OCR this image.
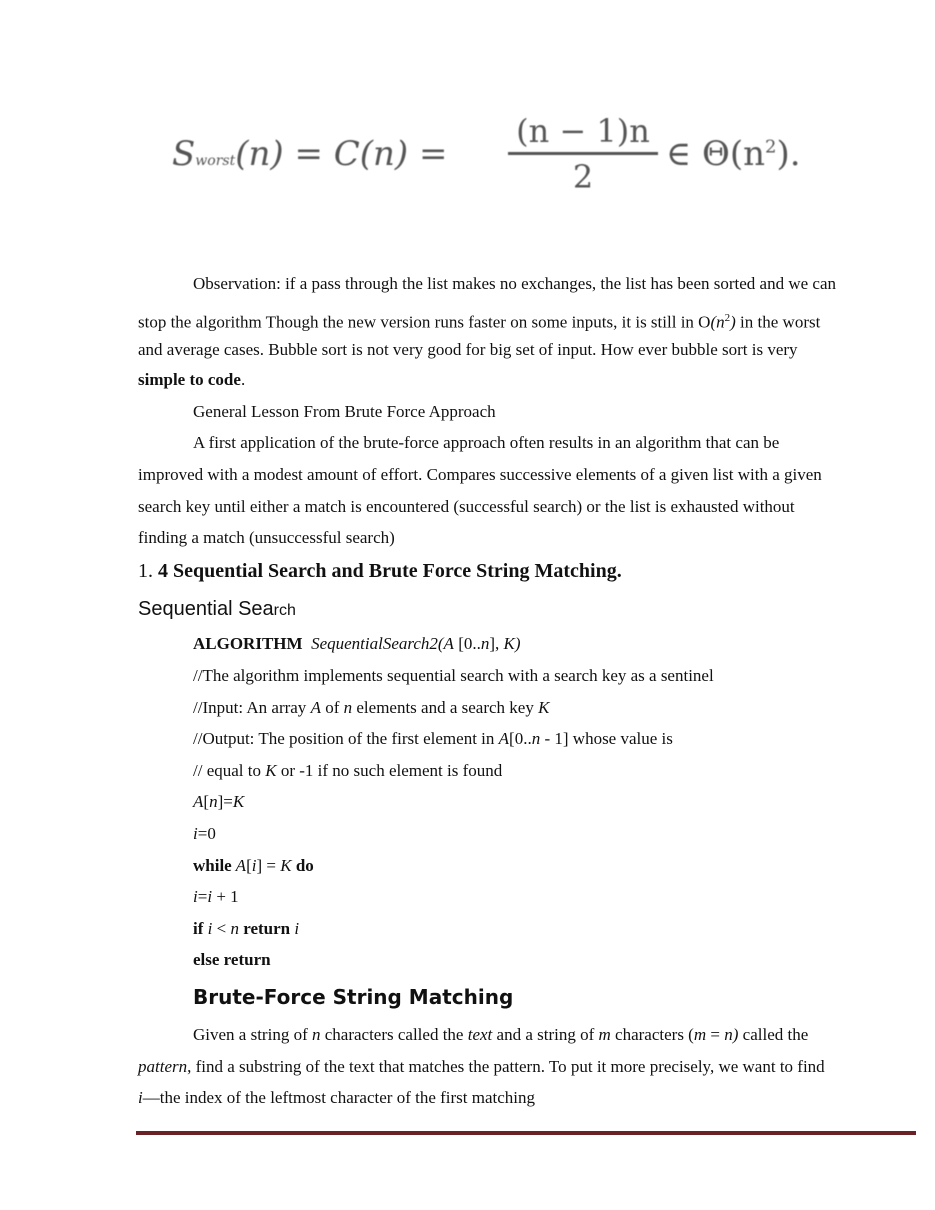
Sworst(n) = C(n) =
(n − 1)n
2
∈ $\Theta(n^2)$.
Observation: if a pass through the list makes no exchanges, the list has been sorted and we can
stop the algorithm Though the new version runs faster on some inputs, it is still in $O(n^2)$ in the worst
and average cases. Bubble sort is not very good for big set of input. How ever bubble sort is very
simple to code.
General Lesson From Brute Force Approach
A first application of the brute-force approach often results in an algorithm that can be
improved with a modest amount of effort. Compares successive elements of a given list with a given
search key until either a match is encountered (successful search) or the list is exhausted without
finding a match (unsuccessful search)
1. 4 Sequential Search and Brute Force String Matching.
Sequential Search
ALGORITHM SequentialSearch2(A [0..n], K)
//The algorithm implements sequential search with a search key as a sentinel
//Input: An array A of n elements and a search key K
//Output: The position of the first element in A[0..n - 1] whose value is
// equal to K or -1 if no such element is found
A[n]=K
i=0
while A[i] = K do
i=i + 1
if i < n return i
else return
Brute-Force String Matching
Given a string of n characters called the text and a string of m characters (m = n) called the
pattern, find a substring of the text that matches the pattern. To put it more precisely, we want to find
i—the index of the leftmost character of the first matching
